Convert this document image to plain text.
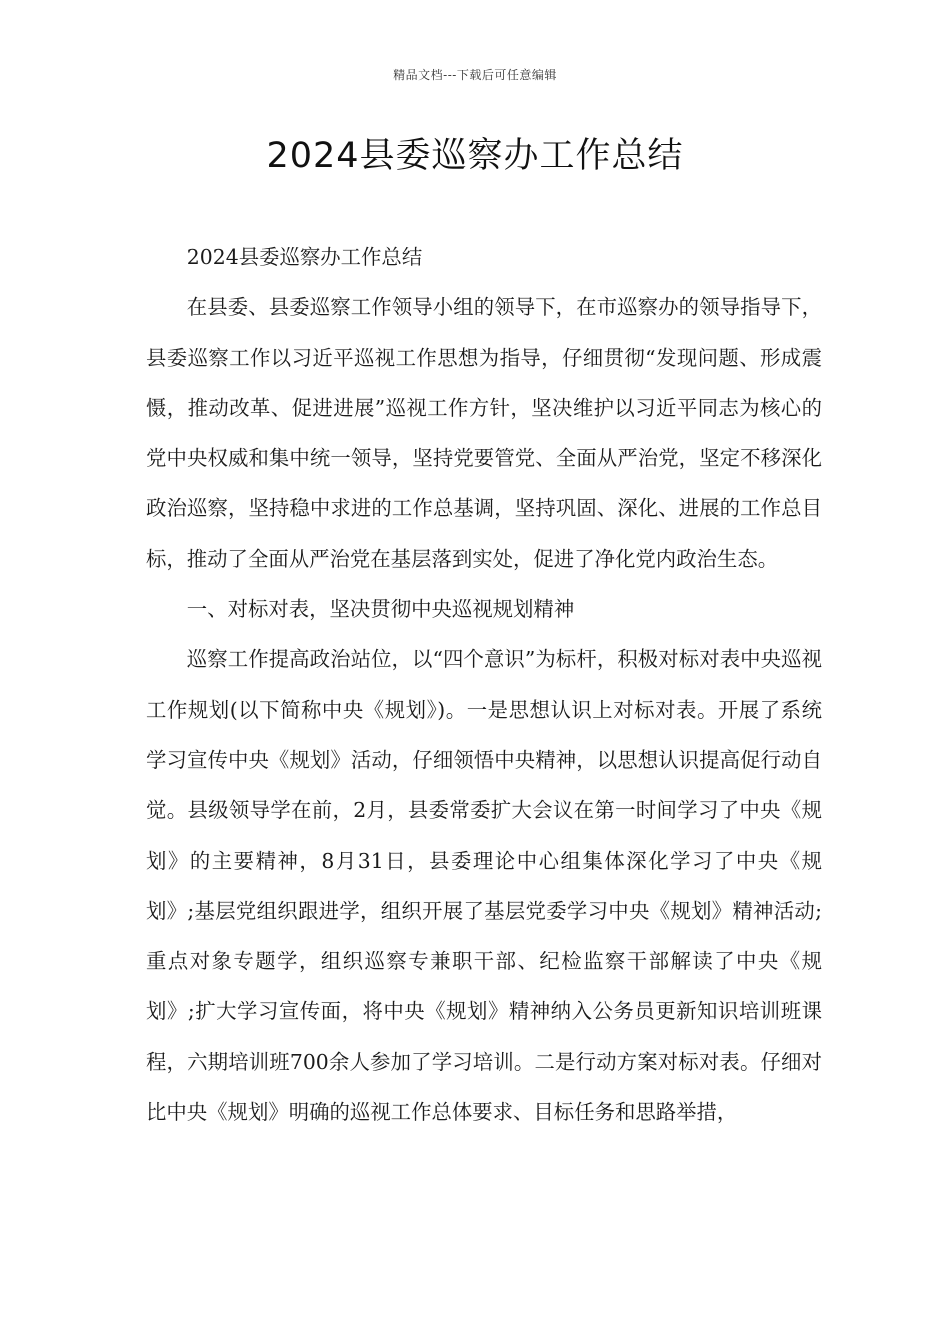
精品文档---下载后可任意编辑
2024县委巡察办工作总结

2024县委巡察办工作总结

在县委、县委巡察工作领导小组的领导下，在市巡察办的领导指导下，县委巡察工作以习近平巡视工作思想为指导，仔细贯彻“发现问题、形成震慑，推动改革、促进进展”巡视工作方针，坚决维护以习近平同志为核心的党中央权威和集中统一领导，坚持党要管党、全面从严治党，坚定不移深化政治巡察，坚持稳中求进的工作总基调，坚持巩固、深化、进展的工作总目标，推动了全面从严治党在基层落到实处，促进了净化党内政治生态。

一、对标对表，坚决贯彻中央巡视规划精神

巡察工作提高政治站位，以“四个意识”为标杆，积极对标对表中央巡视工作规划(以下简称中央《规划》)。一是思想认识上对标对表。开展了系统学习宣传中央《规划》活动，仔细领悟中央精神，以思想认识提高促行动自觉。县级领导学在前，2月，县委常委扩大会议在第一时间学习了中央《规划》的主要精神，8月31日，县委理论中心组集体深化学习了中央《规划》;基层党组织跟进学，组织开展了基层党委学习中央《规划》精神活动;重点对象专题学，组织巡察专兼职干部、纪检监察干部解读了中央《规划》;扩大学习宣传面，将中央《规划》精神纳入公务员更新知识培训班课程，六期培训班700余人参加了学习培训。二是行动方案对标对表。仔细对比中央《规划》明确的巡视工作总体要求、目标任务和思路举措，
